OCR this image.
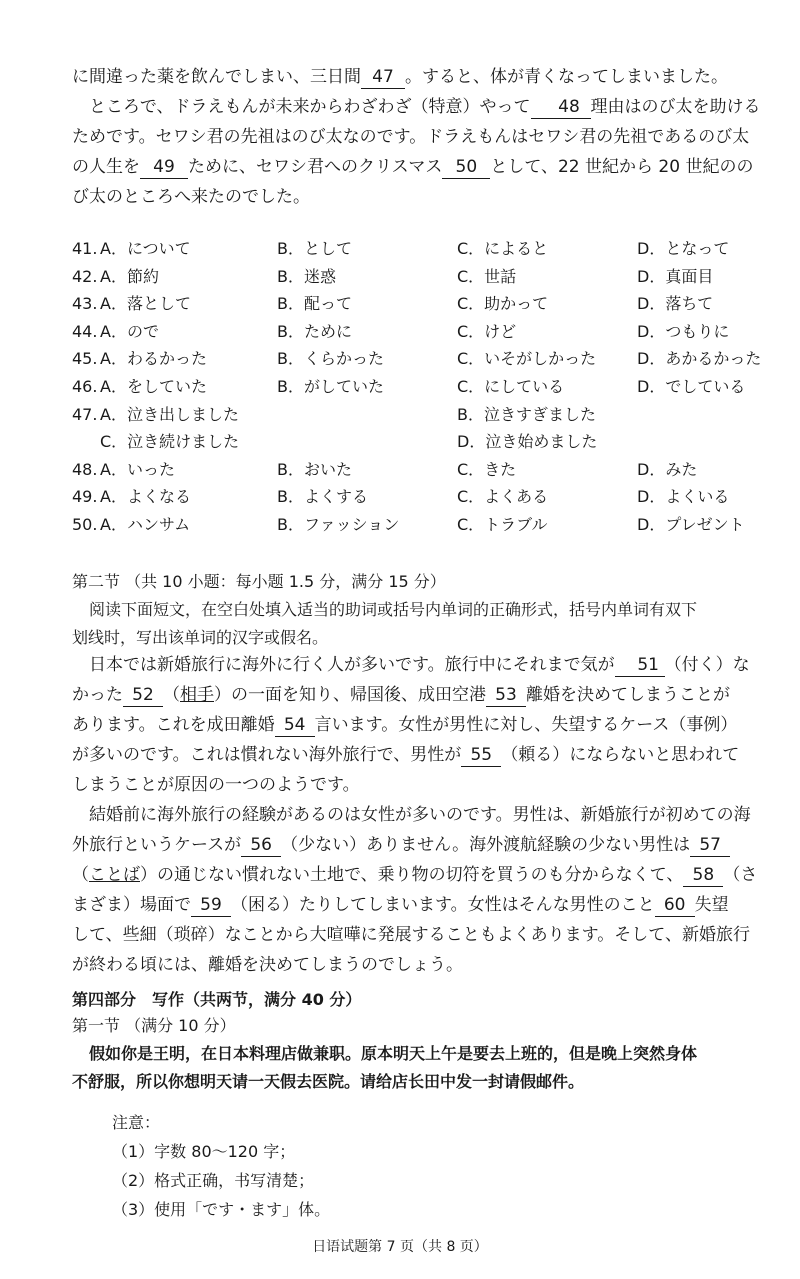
に間違った薬を飲んでしまい、三日間 47 。すると、体が青くなってしまいました。

ところで、ドラえもんが未来からわざわざ（特意）やって 48 理由はのび太を助ける

ためです。セワシ君の先祖はのび太なのです。ドラえもんはセワシ君の先祖であるのび太

の人生を 49 ために、セワシ君へのクリスマス 50 として、22 世紀から 20 世紀のの

び太のところへ来たのでした。

41. A．について	B．として	C．によると	D．となって
42. A．節約	B．迷惑	C．世話	D．真面目
43. A．落として	B．配って	C．助かって	D．落ちて
44. A．ので	B．ために	C．けど	D．つもりに
45. A．わるかった	B．くらかった	C．いそがしかった	D．あかるかった
46. A．をしていた	B．がしていた	C．にしている	D．でしている
47. A．泣き出しました	B．泣きすぎました
C．泣き続けました	D．泣き始めました
48. A．いった	B．おいた	C．きた	D．みた
49. A．よくなる	B．よくする	C．よくある	D．よくいる
50. A．ハンサム	B．ファッション	C．トラブル	D．プレゼント

第二节 （共 10 小题：每小题 1.5 分，满分 15 分）

阅读下面短文，在空白处填入适当的助词或括号内单词的正确形式，括号内单词有双下

划线时，写出该单词的汉字或假名。

日本では新婚旅行に海外に行く人が多いです。旅行中にそれまで気が 51 （付く）な

かった 52 （相手）の一面を知り、帰国後、成田空港 53 離婚を決めてしまうことが

あります。これを成田離婚 54 言います。女性が男性に対し、失望するケース（事例）

が多いのです。これは慣れない海外旅行で、男性が 55 （頼る）にならないと思われて

しまうことが原因の一つのようです。

結婚前に海外旅行の経験があるのは女性が多いのです。男性は、新婚旅行が初めての海

外旅行というケースが 56 （少ない）ありません。海外渡航経験の少ない男性は 57

（ことば）の通じない慣れない土地で、乗り物の切符を買うのも分からなくて、 58 （さ

まざま）場面で 59 （困る）たりしてしまいます。女性はそんな男性のこと 60 失望

して、些細（琐碎）なことから大喧嘩に発展することもよくあります。そして、新婚旅行

が終わる頃には、離婚を決めてしまうのでしょう。

第四部分　写作（共两节，满分 40 分）

第一节 （满分 10 分）

假如你是王明，在日本料理店做兼职。原本明天上午是要去上班的，但是晚上突然身体

不舒服，所以你想明天请一天假去医院。请给店长田中发一封请假邮件。

注意：
（1）字数 80～120 字；
（2）格式正确，书写清楚；
（3）使用「です・ます」体。
日语试题第 7 页（共 8 页）
